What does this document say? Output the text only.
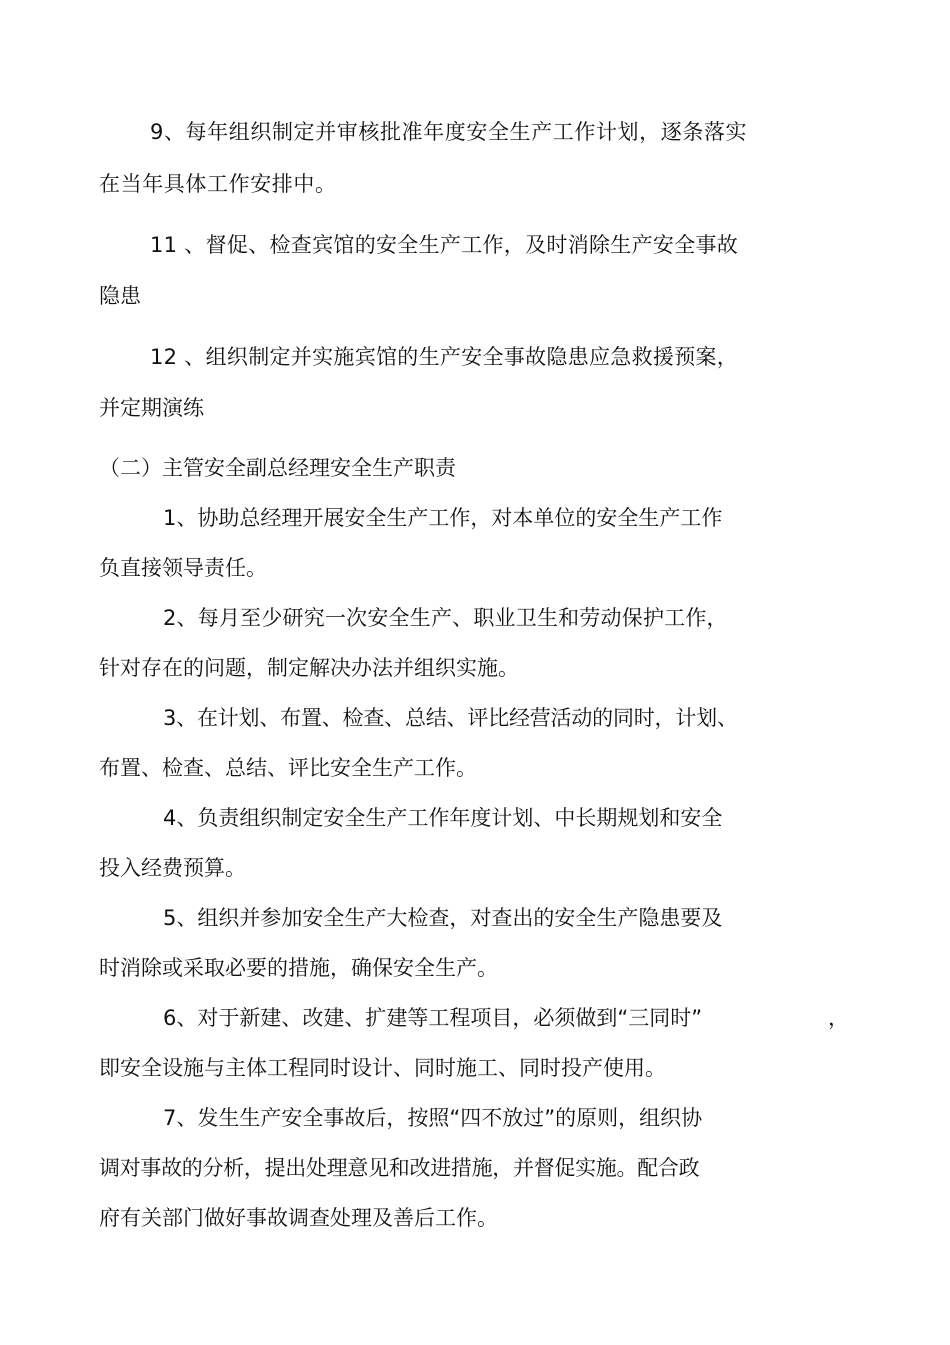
9、每年组织制定并审核批准年度安全生产工作计划，逐条落实
在当年具体工作安排中。
11 、督促、检查宾馆的安全生产工作，及时消除生产安全事故
隐患
12 、组织制定并实施宾馆的生产安全事故隐患应急救援预案，
并定期演练
（二）主管安全副总经理安全生产职责
1、协助总经理开展安全生产工作，对本单位的安全生产工作
负直接领导责任。
2、每月至少研究一次安全生产、职业卫生和劳动保护工作，
针对存在的问题，制定解决办法并组织实施。
3、在计划、布置、检查、总结、评比经营活动的同时，计划、
布置、检查、总结、评比安全生产工作。
4、负责组织制定安全生产工作年度计划、中长期规划和安全
投入经费预算。
5、组织并参加安全生产大检查，对查出的安全生产隐患要及
时消除或采取必要的措施，确保安全生产。
6、对于新建、改建、扩建等工程项目，必须做到“三同时”	，
即安全设施与主体工程同时设计、同时施工、同时投产使用。
7、发生生产安全事故后，按照“四不放过”的原则，组织协
调对事故的分析，提出处理意见和改进措施，并督促实施。配合政
府有关部门做好事故调查处理及善后工作。
